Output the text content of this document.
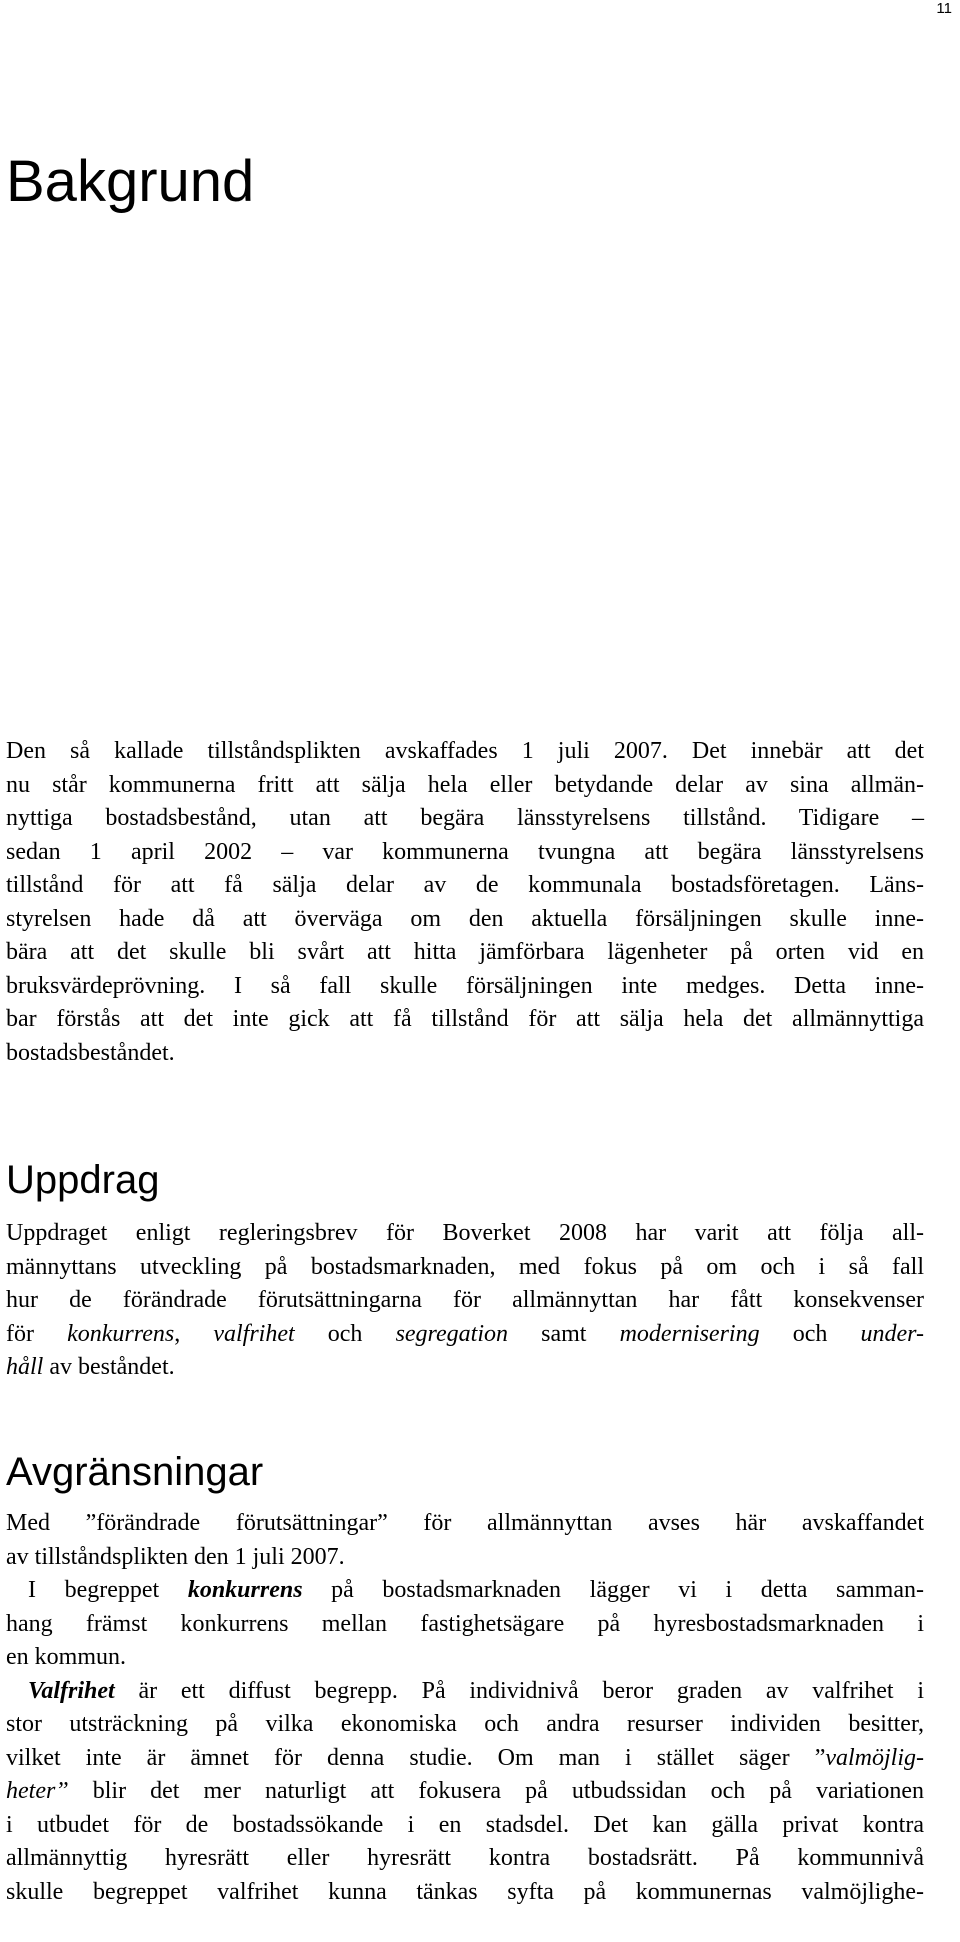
11
Bakgrund
Den så kallade tillståndsplikten avskaffades 1 juli 2007. Det innebär att det
nu står kommunerna fritt att sälja hela eller betydande delar av sina allmän-
nyttiga bostadsbestånd, utan att begära länsstyrelsens tillstånd. Tidigare –
sedan 1 april 2002 – var kommunerna tvungna att begära länsstyrelsens
tillstånd för att få sälja delar av de kommunala bostadsföretagen. Läns-
styrelsen hade då att överväga om den aktuella försäljningen skulle inne-
bära att det skulle bli svårt att hitta jämförbara lägenheter på orten vid en
bruksvärdeprövning. I så fall skulle försäljningen inte medges. Detta inne-
bar förstås att det inte gick att få tillstånd för att sälja hela det allmännyttiga
bostadsbeståndet.
Uppdrag
Uppdraget enligt regleringsbrev för Boverket 2008 har varit att följa all-
männyttans utveckling på bostadsmarknaden, med fokus på om och i så fall
hur de förändrade förutsättningarna för allmännyttan har fått konsekvenser
för konkurrens, valfrihet och segregation samt modernisering och under-
håll av beståndet.
Avgränsningar
Med ”förändrade förutsättningar” för allmännyttan avses här avskaffandet
av tillståndsplikten den 1 juli 2007.
I begreppet konkurrens på bostadsmarknaden lägger vi i detta samman-
hang främst konkurrens mellan fastighetsägare på hyresbostadsmarknaden i
en kommun.
Valfrihet är ett diffust begrepp. På individnivå beror graden av valfrihet i
stor utsträckning på vilka ekonomiska och andra resurser individen besitter,
vilket inte är ämnet för denna studie. Om man i stället säger ”valmöjlig-
heter” blir det mer naturligt att fokusera på utbudssidan och på variationen
i utbudet för de bostadssökande i en stadsdel. Det kan gälla privat kontra
allmännyttig hyresrätt eller hyresrätt kontra bostadsrätt. På kommunnivå
skulle begreppet valfrihet kunna tänkas syfta på kommunernas valmöjlighe-
